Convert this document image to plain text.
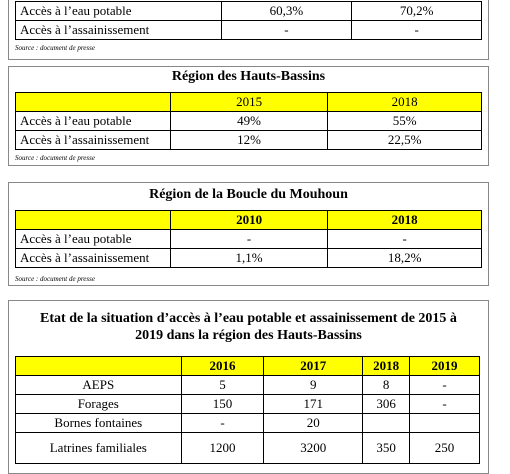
Accès à l’eau potable	60,3%	70,2%
Accès à l’assainissement	-	-
Source : document de presse
Région des Hauts-Bassins
	2015	2018
Accès à l’eau potable	49%	55%
Accès à l’assainissement	12%	22,5%
Source : document de presse
Région de la Boucle du Mouhoun
	2010	2018
Accès à l’eau potable	-	-
Accès à l’assainissement	1,1%	18,2%
Source : document de presse
Etat de la situation d’accès à l’eau potable et assainissement de 2015 à
2019 dans la région des Hauts-Bassins
	2016	2017	2018	2019
AEPS	5	9	8	-
Forages	150	171	306	-
Bornes fontaines	-	20		
Latrines familiales	1200	3200	350	250
